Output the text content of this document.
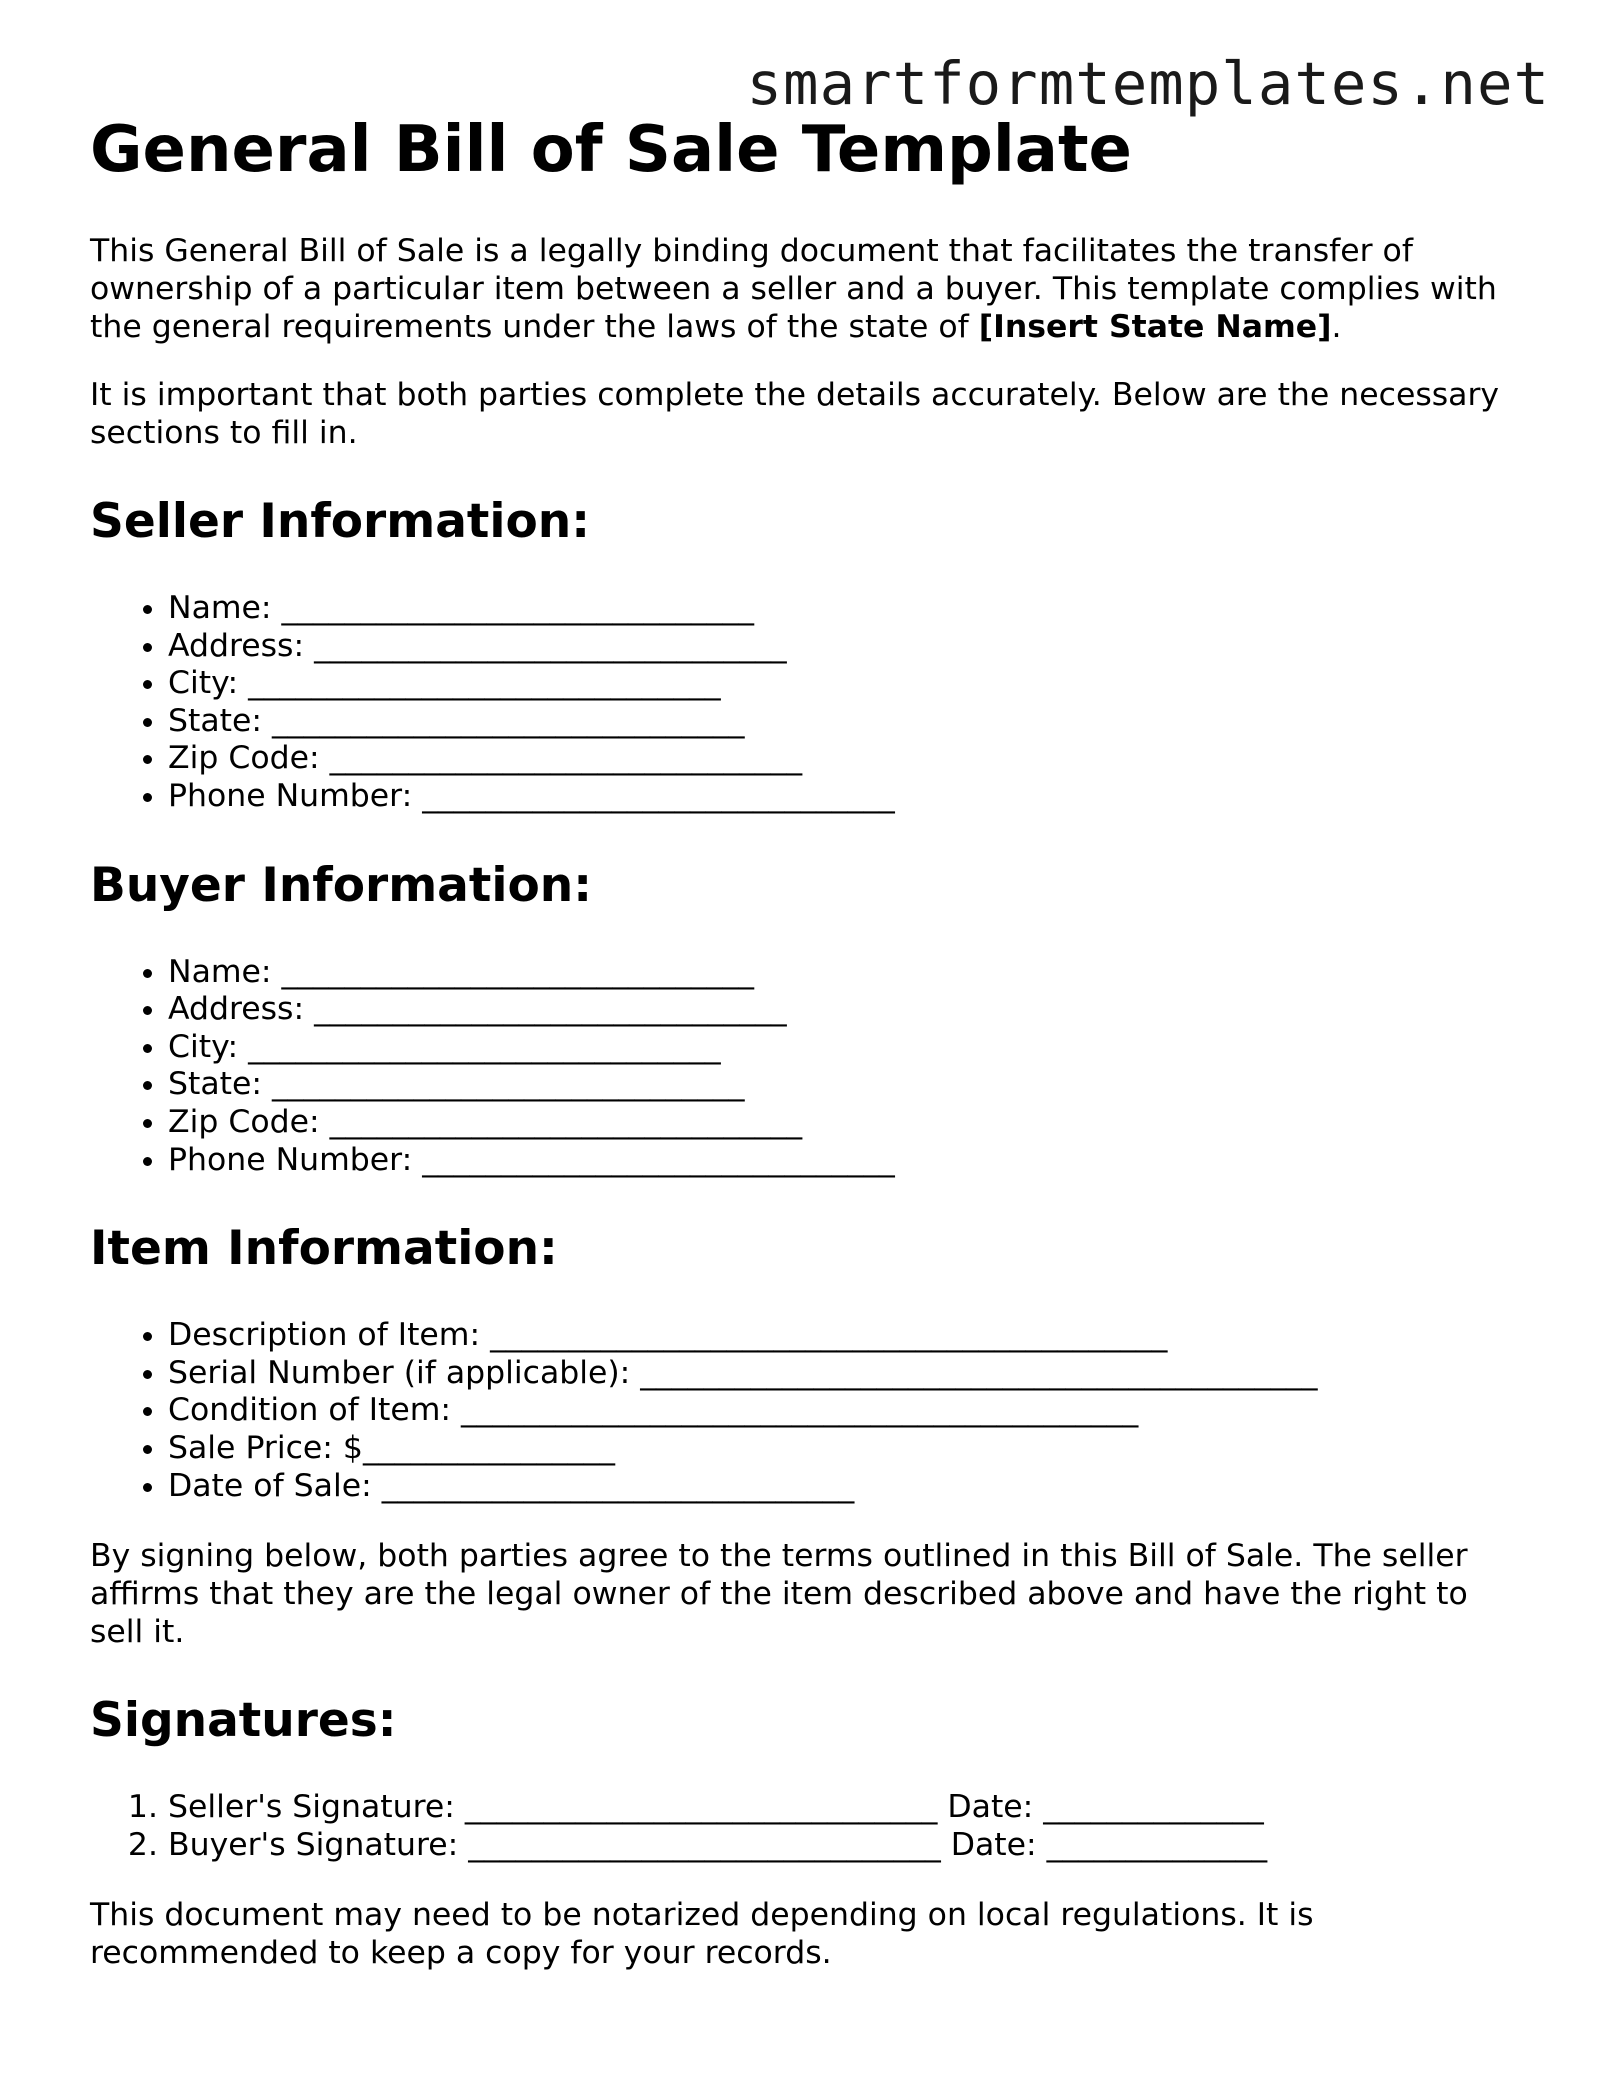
smartformtemplates.net
General Bill of Sale Template

This General Bill of Sale is a legally binding document that facilitates the transfer of ownership of a particular item between a seller and a buyer. This template complies with the general requirements under the laws of the state of [Insert State Name].

It is important that both parties complete the details accurately. Below are the necessary sections to fill in.

Seller Information:
• Name: ______________________________
• Address: ______________________________
• City: ______________________________
• State: ______________________________
• Zip Code: ______________________________
• Phone Number: ______________________________
Buyer Information:
• Name: ______________________________
• Address: ______________________________
• City: ______________________________
• State: ______________________________
• Zip Code: ______________________________
• Phone Number: ______________________________
Item Information:
• Description of Item: ___________________________________________
• Serial Number (if applicable): ___________________________________________
• Condition of Item: ___________________________________________
• Sale Price: $________________
• Date of Sale: ______________________________

By signing below, both parties agree to the terms outlined in this Bill of Sale. The seller affirms that they are the legal owner of the item described above and have the right to sell it.

Signatures:
1. Seller's Signature: ______________________________ Date: ______________
2. Buyer's Signature: ______________________________ Date: ______________

This document may need to be notarized depending on local regulations. It is recommended to keep a copy for your records.
